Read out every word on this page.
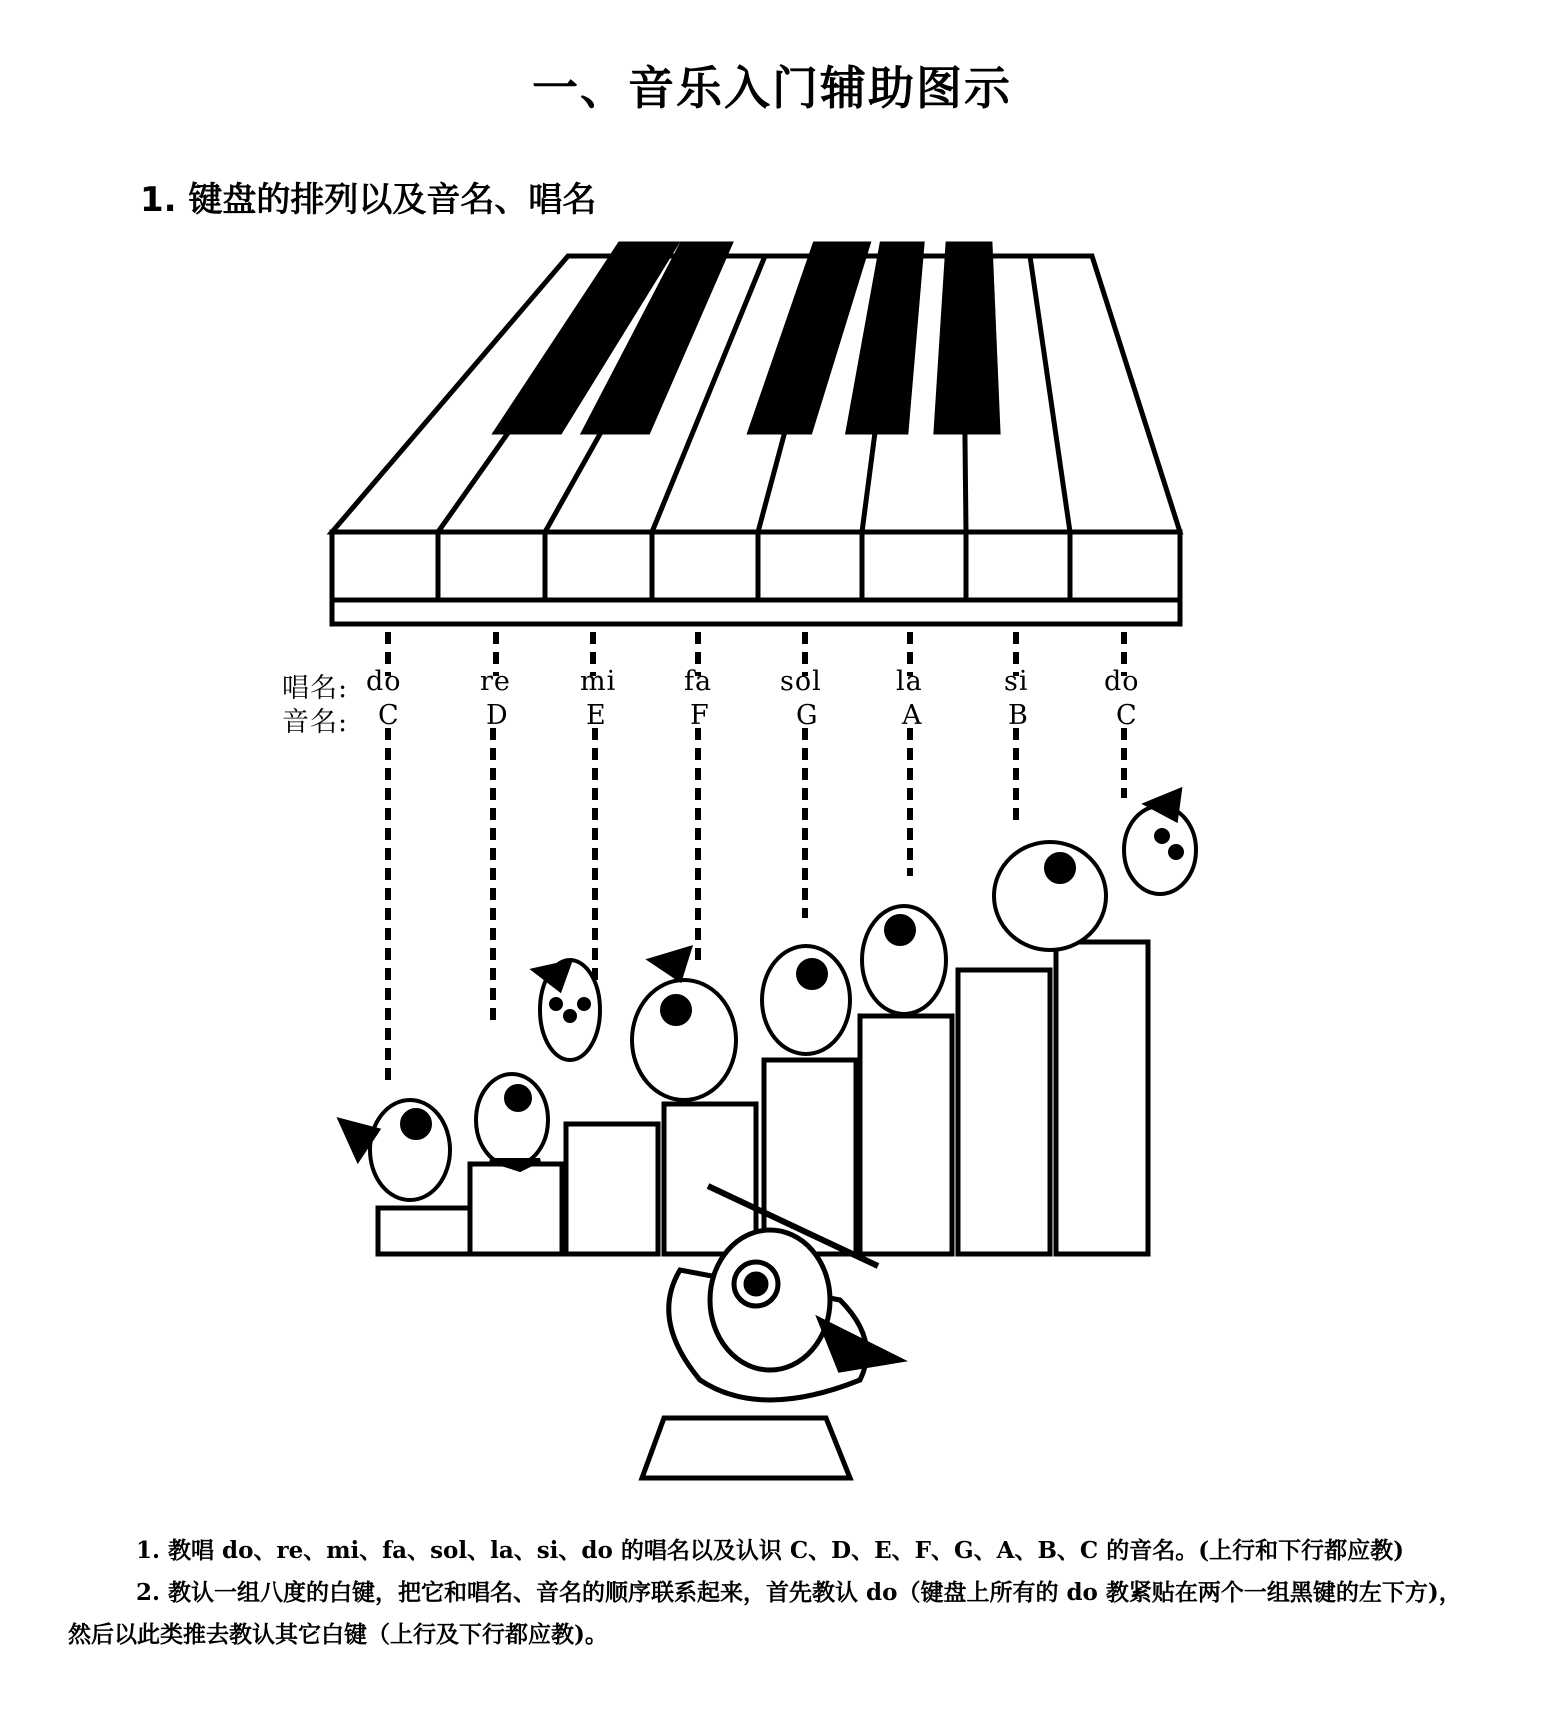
一、音乐入门辅助图示
1. 键盘的排列以及音名、唱名
唱名:
音名:
do	re	mi	fa	sol	la	si	do
C	D	E	F	G	A	B	C

1. 教唱 do、re、mi、fa、sol、la、si、do 的唱名以及认识 C、D、E、F、G、A、B、C 的音名。(上行和下行都应教)

2. 教认一组八度的白键，把它和唱名、音名的顺序联系起来，首先教认 do（键盘上所有的 do 教紧贴在两个一组黑键的左下方)，然后以此类推去教认其它白键（上行及下行都应教)。
